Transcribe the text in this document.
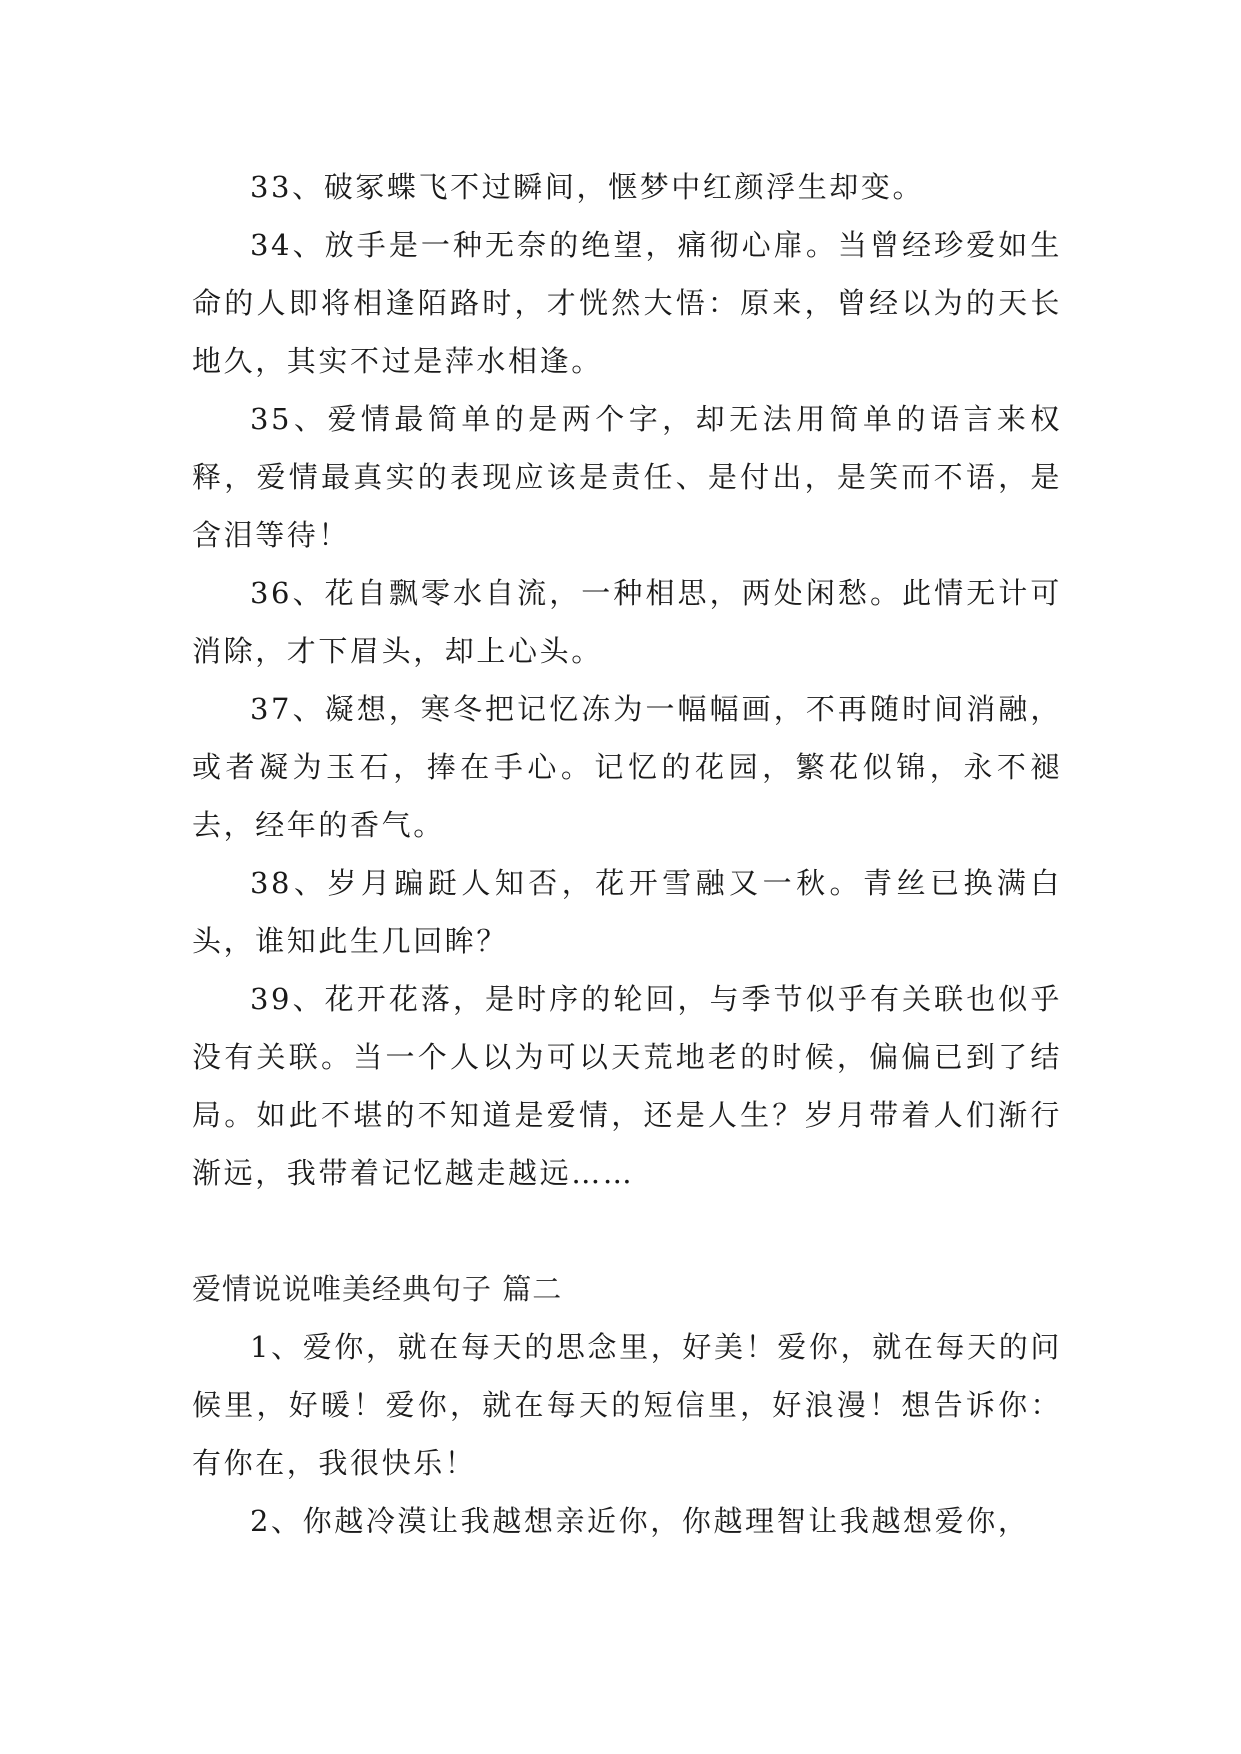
33、破冢蝶飞不过瞬间，惬梦中红颜浮生却变。

34、放手是一种无奈的绝望，痛彻心扉。当曾经珍爱如生命的人即将相逢陌路时，才恍然大悟：原来，曾经以为的天长地久，其实不过是萍水相逢。

35、爱情最简单的是两个字，却无法用简单的语言来权释，爱情最真实的表现应该是责任、是付出，是笑而不语，是含泪等待！

36、花自飘零水自流，一种相思，两处闲愁。此情无计可消除，才下眉头，却上心头。

37、凝想，寒冬把记忆冻为一幅幅画，不再随时间消融，或者凝为玉石，捧在手心。记忆的花园，繁花似锦，永不褪去，经年的香气。

38、岁月蹁跹人知否，花开雪融又一秋。青丝已换满白头，谁知此生几回眸？

39、花开花落，是时序的轮回，与季节似乎有关联也似乎没有关联。当一个人以为可以天荒地老的时候，偏偏已到了结局。如此不堪的不知道是爱情，还是人生？岁月带着人们渐行渐远，我带着记忆越走越远……

爱情说说唯美经典句子 篇二

1、爱你，就在每天的思念里，好美！爱你，就在每天的问候里，好暖！爱你，就在每天的短信里，好浪漫！想告诉你：有你在，我很快乐！

2、你越冷漠让我越想亲近你，你越理智让我越想爱你，
